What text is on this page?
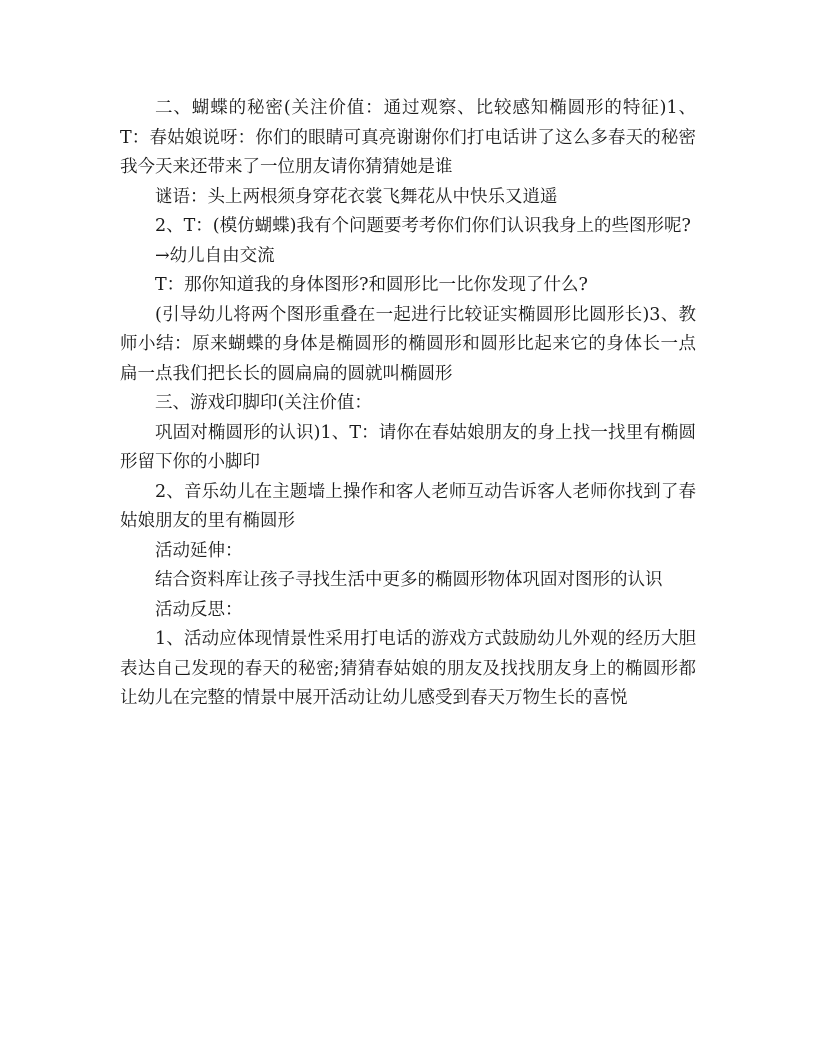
二、蝴蝶的秘密(关注价值：通过观察、比较感知椭圆形的特征)1、T：春姑娘说呀：你们的眼睛可真亮谢谢你们打电话讲了这么多春天的秘密我今天来还带来了一位朋友请你猜猜她是谁

谜语：头上两根须身穿花衣裳飞舞花从中快乐又逍遥

2、T：(模仿蝴蝶)我有个问题要考考你们你们认识我身上的些图形呢?

→幼儿自由交流

T：那你知道我的身体图形?和圆形比一比你发现了什么?

(引导幼儿将两个图形重叠在一起进行比较证实椭圆形比圆形长)3、教师小结：原来蝴蝶的身体是椭圆形的椭圆形和圆形比起来它的身体长一点扁一点我们把长长的圆扁扁的圆就叫椭圆形

三、游戏印脚印(关注价值：

巩固对椭圆形的认识)1、T：请你在春姑娘朋友的身上找一找里有椭圆形留下你的小脚印

2、音乐幼儿在主题墙上操作和客人老师互动告诉客人老师你找到了春姑娘朋友的里有椭圆形

活动延伸：

结合资料库让孩子寻找生活中更多的椭圆形物体巩固对图形的认识

活动反思：

1、活动应体现情景性采用打电话的游戏方式鼓励幼儿外观的经历大胆表达自己发现的春天的秘密;猜猜春姑娘的朋友及找找朋友身上的椭圆形都让幼儿在完整的情景中展开活动让幼儿感受到春天万物生长的喜悦
